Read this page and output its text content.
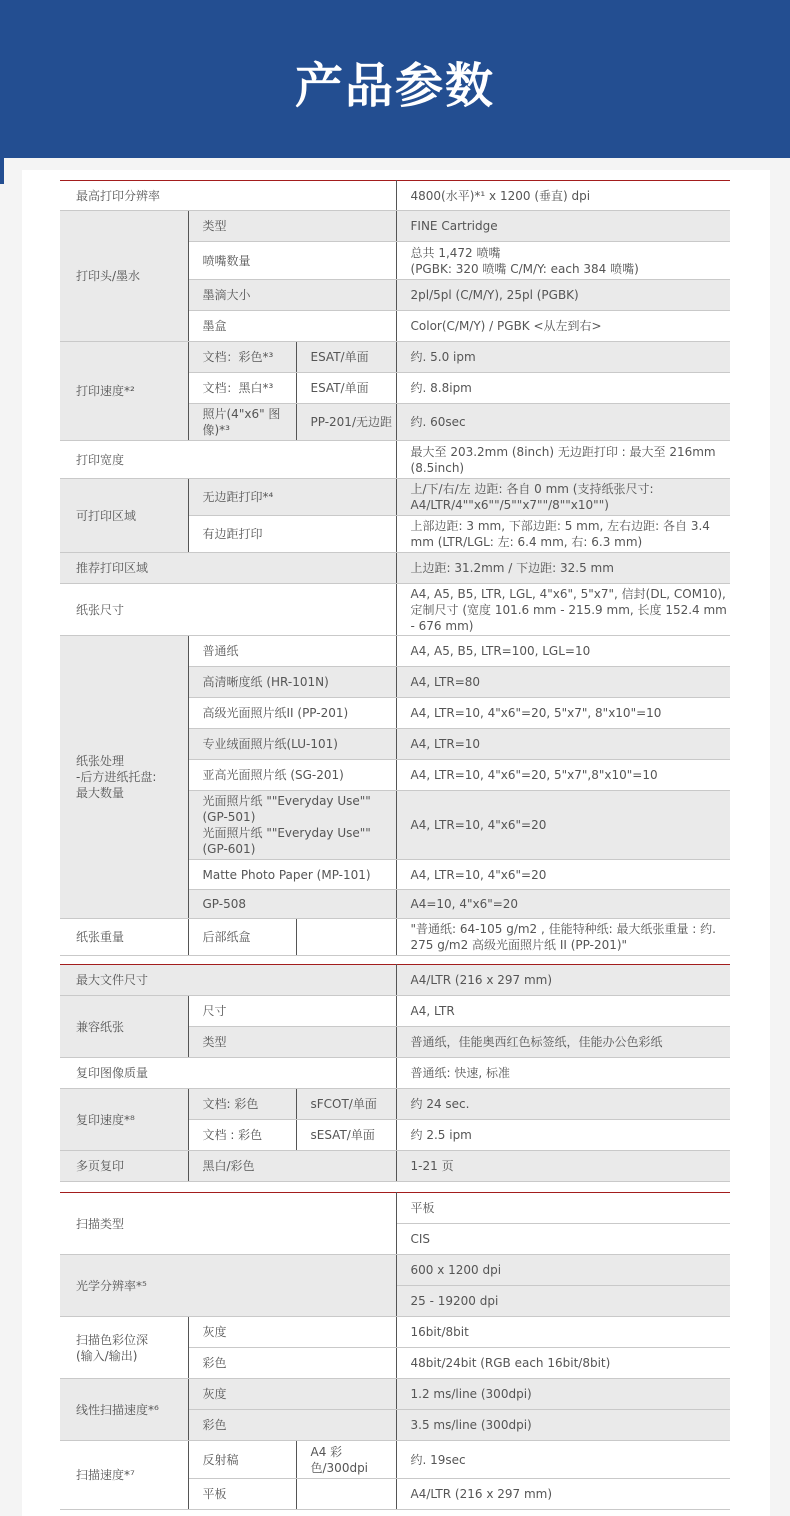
产品参数
最高打印分辨率			4800(水平)*¹ x 1200 (垂直) dpi
打印头/墨水	类型		FINE Cartridge
	喷嘴数量		总共 1,472 喷嘴
(PGBK: 320 喷嘴 C/M/Y: each 384 喷嘴)
	墨滴大小		2pl/5pl (C/M/Y), 25pl (PGBK)
	墨盒		Color(C/M/Y) / PGBK <从左到右>
打印速度*²	文档：彩色*³	ESAT/单面	约. 5.0 ipm
	文档：黑白*³	ESAT/单面	约. 8.8ipm
	照片(4"x6" 图像)*³	PP-201/无边距	约. 60sec
打印宽度			最大至 203.2mm (8inch) 无边距打印 : 最大至 216mm (8.5inch)
可打印区域	无边距打印*⁴		上/下/右/左 边距: 各自 0 mm (支持纸张尺寸: A4/LTR/4""x6""/5""x7""/8""x10"")
	有边距打印		上部边距: 3 mm, 下部边距: 5 mm, 左右边距: 各自 3.4 mm (LTR/LGL: 左: 6.4 mm, 右: 6.3 mm)
推荐打印区域			上边距: 31.2mm / 下边距: 32.5 mm
纸张尺寸			A4, A5, B5, LTR, LGL, 4"x6", 5"x7", 信封(DL, COM10), 定制尺寸 (宽度 101.6 mm - 215.9 mm, 长度 152.4 mm - 676 mm)
纸张处理
-后方进纸托盘:
最大数量	普通纸		A4, A5, B5, LTR=100, LGL=10
	高清晰度纸 (HR-101N)		A4, LTR=80
	高级光面照片纸II (PP-201)		A4, LTR=10, 4"x6"=20, 5"x7", 8"x10"=10
	专业绒面照片纸(LU-101)		A4, LTR=10
	亚高光面照片纸 (SG-201)		A4, LTR=10, 4"x6"=20, 5"x7",8"x10"=10
	光面照片纸 ""Everyday Use"" (GP-501)
光面照片纸 ""Everyday Use"" (GP-601)		A4, LTR=10, 4"x6"=20
	Matte Photo Paper (MP-101)		A4, LTR=10, 4"x6"=20
	GP-508		A4=10, 4"x6"=20
纸张重量	后部纸盒		"普通纸: 64-105 g/m2 , 佳能特种纸: 最大纸张重量 : 约. 275 g/m2 高级光面照片纸 II (PP-201)"
最大文件尺寸			A4/LTR (216 x 297 mm)
兼容纸张	尺寸		A4, LTR
	类型		普通纸，佳能奥西红色标签纸，佳能办公色彩纸
复印图像质量			普通纸: 快速, 标准
复印速度*⁸	文档: 彩色	sFCOT/单面	约 24 sec.
	文档 : 彩色	sESAT/单面	约 2.5 ipm
多页复印	黑白/彩色		1-21 页
扫描类型			平板
			CIS
光学分辨率*⁵			600 x 1200 dpi
			25 - 19200 dpi
扫描色彩位深
(输入/输出)	灰度		16bit/8bit
	彩色		48bit/24bit (RGB each 16bit/8bit)
线性扫描速度*⁶	灰度		1.2 ms/line (300dpi)
	彩色		3.5 ms/line (300dpi)
扫描速度*⁷	反射稿	A4 彩色/300dpi	约. 19sec
	平板		A4/LTR (216 x 297 mm)
